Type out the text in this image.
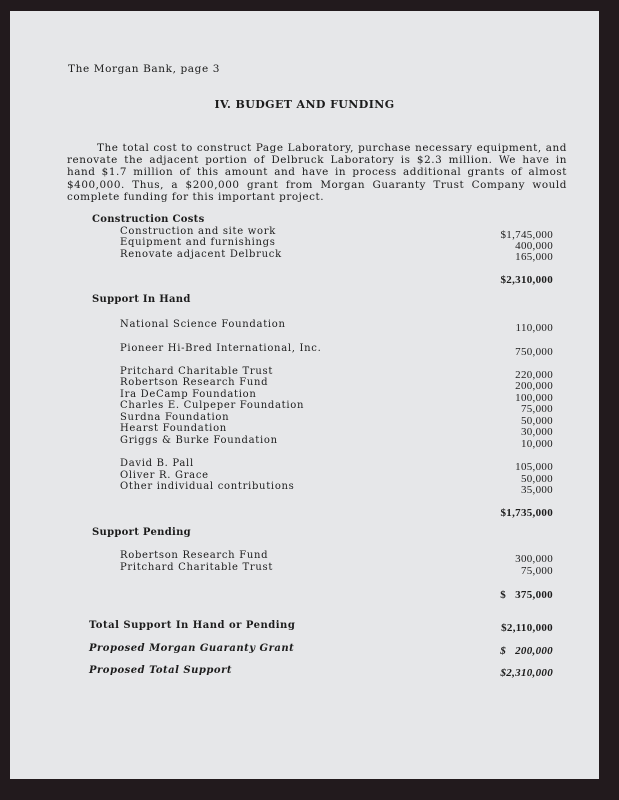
The Morgan Bank, page 3
IV. BUDGET AND FUNDING
The total cost to construct Page Laboratory, purchase necessary equipment, and renovate the adjacent portion of Delbruck Laboratory is $2.3 million. We have in hand $1.7 million of this amount and have in process additional grants of almost $400,000. Thus, a $200,000 grant from Morgan Guaranty Trust Company would complete funding for this important project.
Construction Costs
Construction and site work	$1,745,000
Equipment and furnishings	400,000
Renovate adjacent Delbruck	165,000
$2,310,000
Support In Hand
National Science Foundation	110,000
Pioneer Hi-Bred International, Inc.	750,000
Pritchard Charitable Trust	220,000
Robertson Research Fund	200,000
Ira DeCamp Foundation	100,000
Charles E. Culpeper Foundation	75,000
Surdna Foundation	50,000
Hearst Foundation	30,000
Griggs & Burke Foundation	10,000
David B. Pall	105,000
Oliver R. Grace	50,000
Other individual contributions	35,000
$1,735,000
Support Pending
Robertson Research Fund	300,000
Pritchard Charitable Trust	75,000
$   375,000
Total Support In Hand or Pending	$2,110,000
Proposed Morgan Guaranty Grant	$   200,000
Proposed Total Support	$2,310,000
